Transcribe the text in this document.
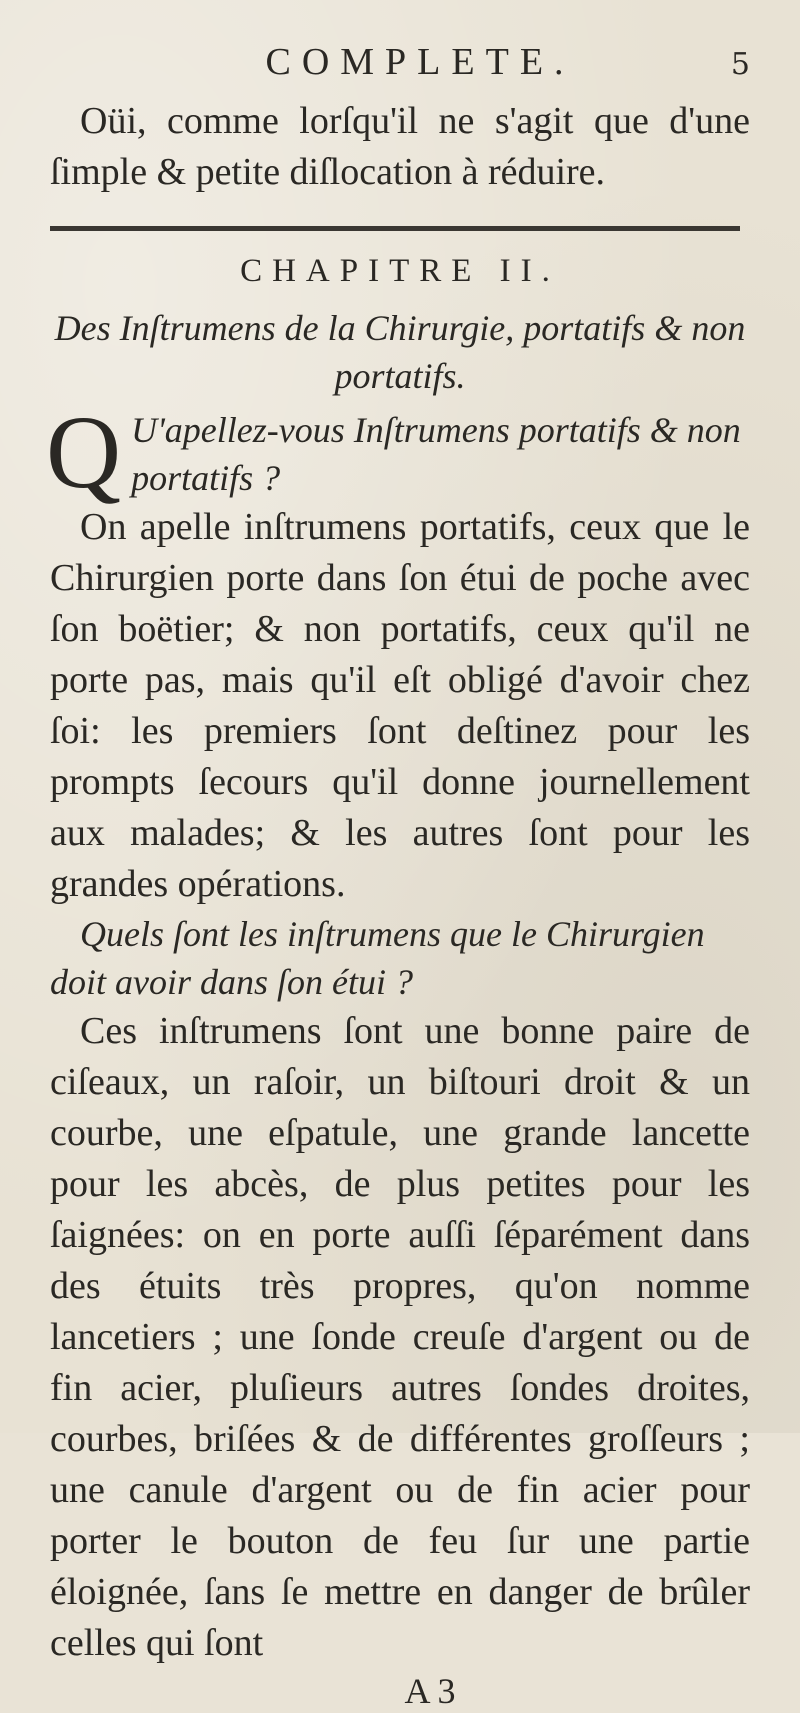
COMPLETE.	5

Oüi, comme lorſqu'il ne s'agit que d'une ſimple & petite diſlocation à réduire.

CHAPITRE II.

Des Inſtrumens de la Chirurgie, portatifs & non portatifs.

Q U'apellez-vous Inſtrumens portatifs & non portatifs ?

On apelle inſtrumens portatifs, ceux que le Chirurgien porte dans ſon étui de poche avec ſon boëtier; & non portatifs, ceux qu'il ne porte pas, mais qu'il eſt obligé d'avoir chez ſoi: les premiers ſont deſtinez pour les prompts ſecours qu'il donne journellement aux malades; & les autres ſont pour les grandes opérations.

Quels ſont les inſtrumens que le Chirurgien doit avoir dans ſon étui ?

Ces inſtrumens ſont une bonne paire de ciſeaux, un raſoir, un biſtouri droit & un courbe, une eſpatule, une grande lancette pour les abcès, de plus petites pour les ſaignées: on en porte auſſi ſéparément dans des étuits très propres, qu'on nomme lancetiers ; une ſonde creuſe d'argent ou de fin acier, pluſieurs autres ſondes droites, courbes, briſées & de différentes groſſeurs ; une canule d'argent ou de fin acier pour porter le bouton de feu ſur une partie éloignée, ſans ſe mettre en danger de brûler celles qui ſont

A 3
